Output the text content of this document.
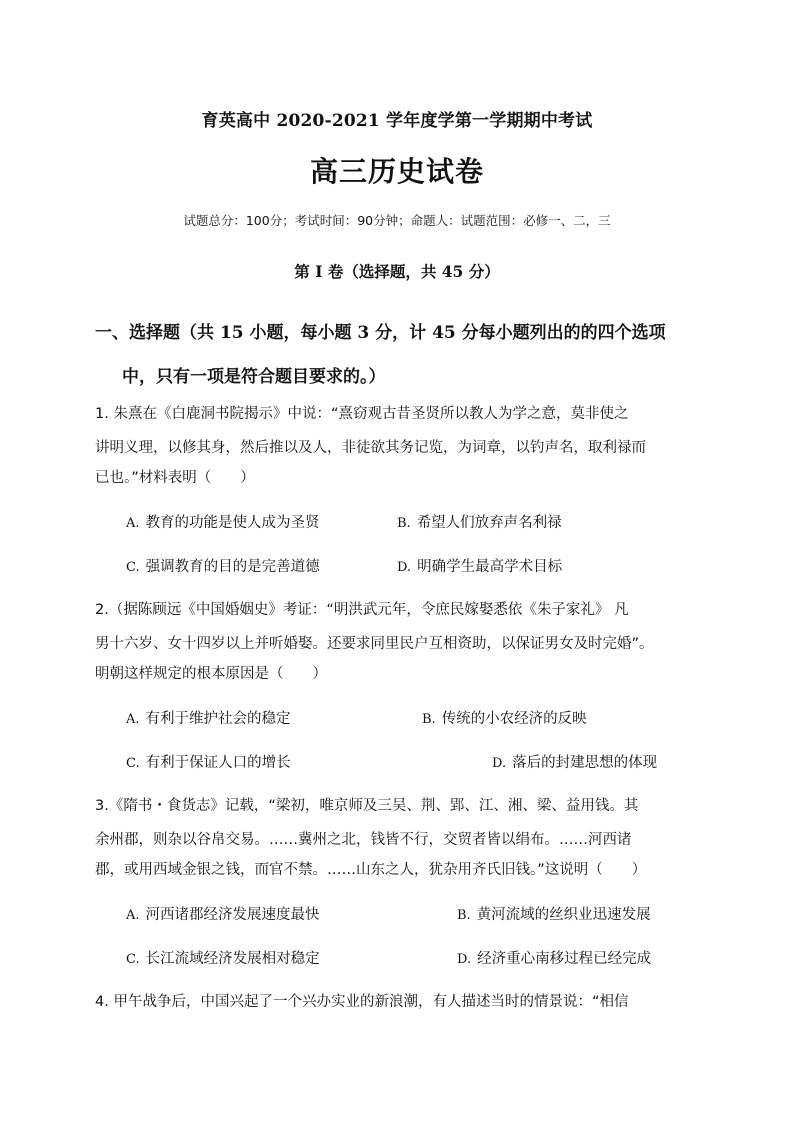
育英高中 2020-2021 学年度学第一学期期中考试
高三历史试卷
试题总分：100分；考试时间：90分钟；命题人：试题范围：必修一、二，三
第 I 卷（选择题，共 45 分）
一、选择题（共 15 小题，每小题 3 分，计 45 分每小题列出的的四个选项
中，只有一项是符合题目要求的。）
1. 朱熹在《白鹿洞书院揭示》中说：“熹窃观古昔圣贤所以教人为学之意，莫非使之
讲明义理，以修其身，然后推以及人，非徒欲其务记览，为词章，以钓声名，取利禄而
已也。”材料表明（　　）
A. 教育的功能是使人成为圣贤	B. 希望人们放弃声名利禄
C. 强调教育的目的是完善道德	D. 明确学生最高学术目标
2.（据陈顾远《中国婚姻史》考证：“明洪武元年，令庶民嫁娶悉依《朱子家礼》 凡
男十六岁、女十四岁以上并听婚娶。还要求同里民户互相资助，以保证男女及时完婚”。
明朝这样规定的根本原因是（　　）
A. 有利于维护社会的稳定	B. 传统的小农经济的反映
C. 有利于保证人口的增长	D. 落后的封建思想的体现
3.《隋书・食货志》记载，“梁初，唯京师及三吴、荆、郢、江、湘、梁、益用钱。其
余州郡，则杂以谷帛交易。……冀州之北，钱皆不行，交贸者皆以绢布。……河西诸
郡，或用西域金银之钱，而官不禁。……山东之人，犹杂用齐氏旧钱。”这说明（　　）
A. 河西诸郡经济发展速度最快	B. 黄河流域的丝织业迅速发展
C. 长江流域经济发展相对稳定	D. 经济重心南移过程已经完成
4. 甲午战争后，中国兴起了一个兴办实业的新浪潮，有人描述当时的情景说：“相信
